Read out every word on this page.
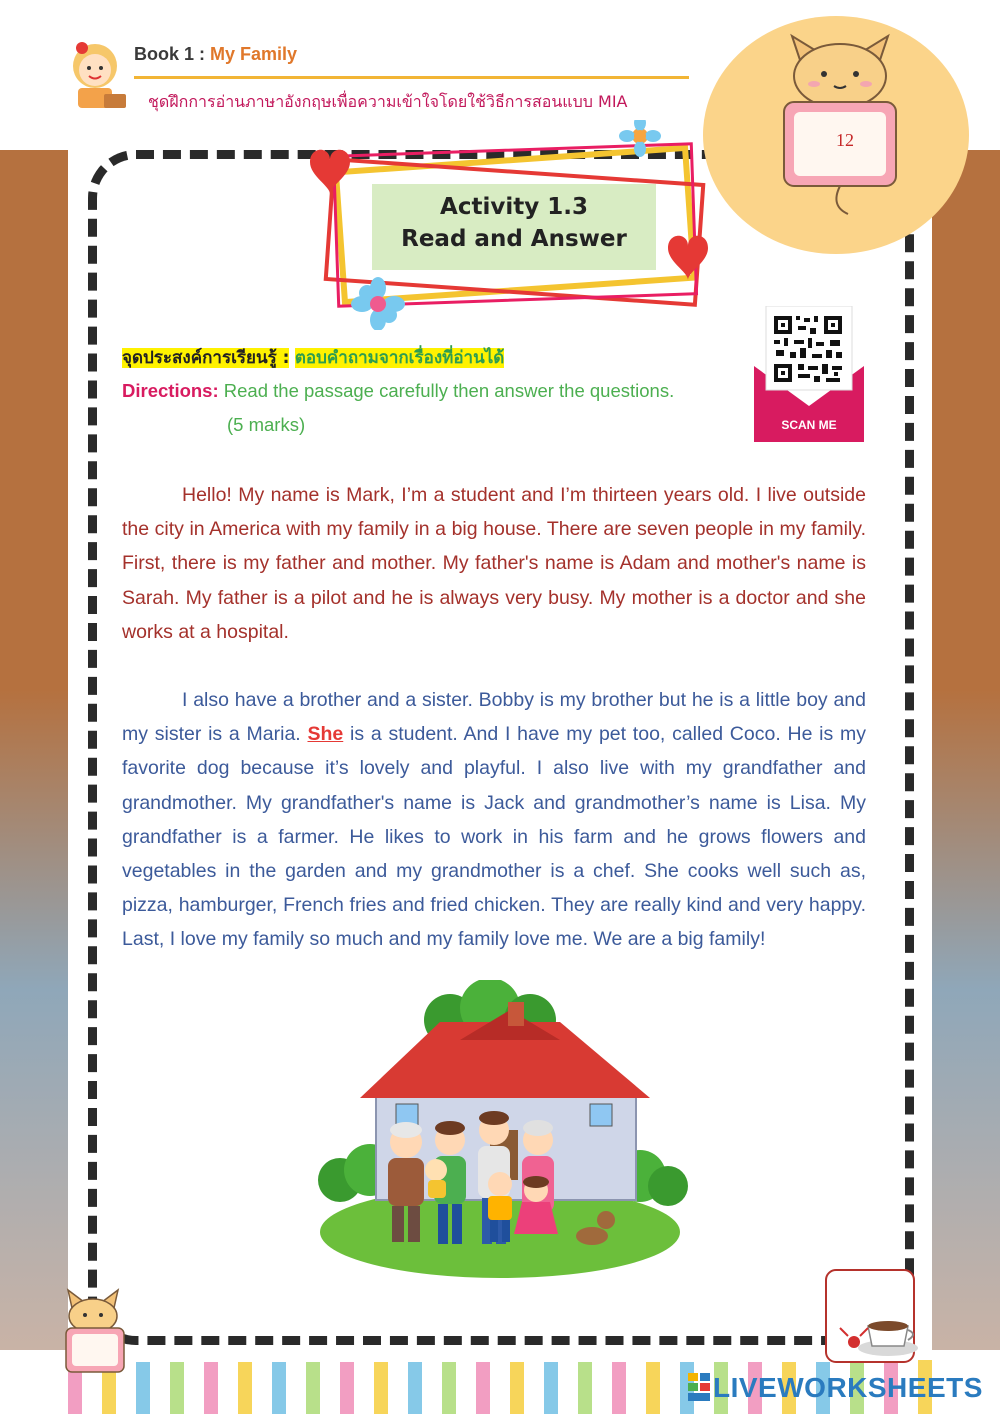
Book 1 : My Family
ชุดฝึกการอ่านภาษาอังกฤษเพื่อความเข้าใจโดยใช้วิธีการสอนแบบ MIA
12
Activity 1.3
Read and Answer
จุดประสงค์การเรียนรู้ : ตอบคำถามจากเรื่องที่อ่านได้
Directions: Read the passage carefully then answer the questions.
(5 marks)	SCAN ME

Hello! My name is Mark, I’m a student and I’m thirteen years old. I live outside the city in America with my family in a big house. There are seven people in my family. First, there is my father and mother. My father's name is Adam and mother's name is Sarah. My father is a pilot and he is always very busy. My mother is a doctor and she works at a hospital.

I also have a brother and a sister. Bobby is my brother but he is a little boy and my sister is a Maria. She is a student. And I have my pet too, called Coco. He is my favorite dog because it’s lovely and playful. I also live with my grandfather and grandmother. My grandfather's name is Jack and grandmother’s name is Lisa. My grandfather is a farmer. He likes to work in his farm and he grows flowers and vegetables in the garden and my grandmother is a chef. She cooks well such as, pizza, hamburger, French fries and fried chicken. They are really kind and very happy. Last, I love my family so much and my family love me. We are a big family!

LIVEWORKSHEETS
